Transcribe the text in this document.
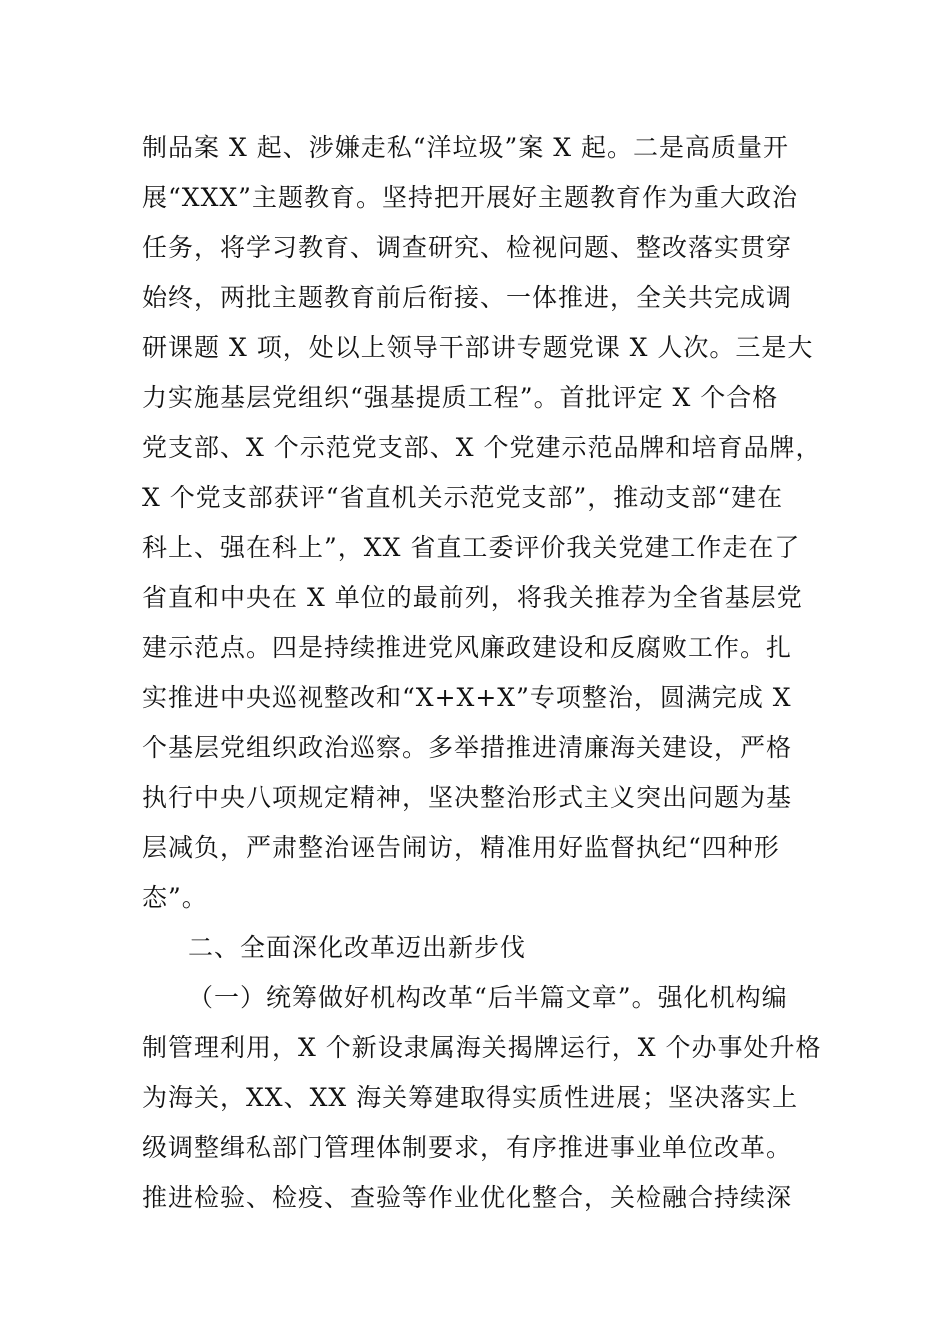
制品案 X 起、涉嫌走私“洋垃圾”案 X 起。二是高质量开
展“XXX”主题教育。坚持把开展好主题教育作为重大政治
任务，将学习教育、调查研究、检视问题、整改落实贯穿
始终，两批主题教育前后衔接、一体推进，全关共完成调
研课题 X 项，处以上领导干部讲专题党课 X 人次。三是大
力实施基层党组织“强基提质工程”。首批评定 X 个合格
党支部、X 个示范党支部、X 个党建示范品牌和培育品牌，
X 个党支部获评“省直机关示范党支部”，推动支部“建在
科上、强在科上”，XX 省直工委评价我关党建工作走在了
省直和中央在 X 单位的最前列，将我关推荐为全省基层党
建示范点。四是持续推进党风廉政建设和反腐败工作。扎
实推进中央巡视整改和“X+X+X”专项整治，圆满完成 X
个基层党组织政治巡察。多举措推进清廉海关建设，严格
执行中央八项规定精神，坚决整治形式主义突出问题为基
层减负，严肃整治诬告闹访，精准用好监督执纪“四种形
态”。
二、全面深化改革迈出新步伐
（一）统筹做好机构改革“后半篇文章”。强化机构编
制管理利用，X 个新设隶属海关揭牌运行，X 个办事处升格
为海关，XX、XX 海关筹建取得实质性进展；坚决落实上
级调整缉私部门管理体制要求，有序推进事业单位改革。
推进检验、检疫、查验等作业优化整合，关检融合持续深
